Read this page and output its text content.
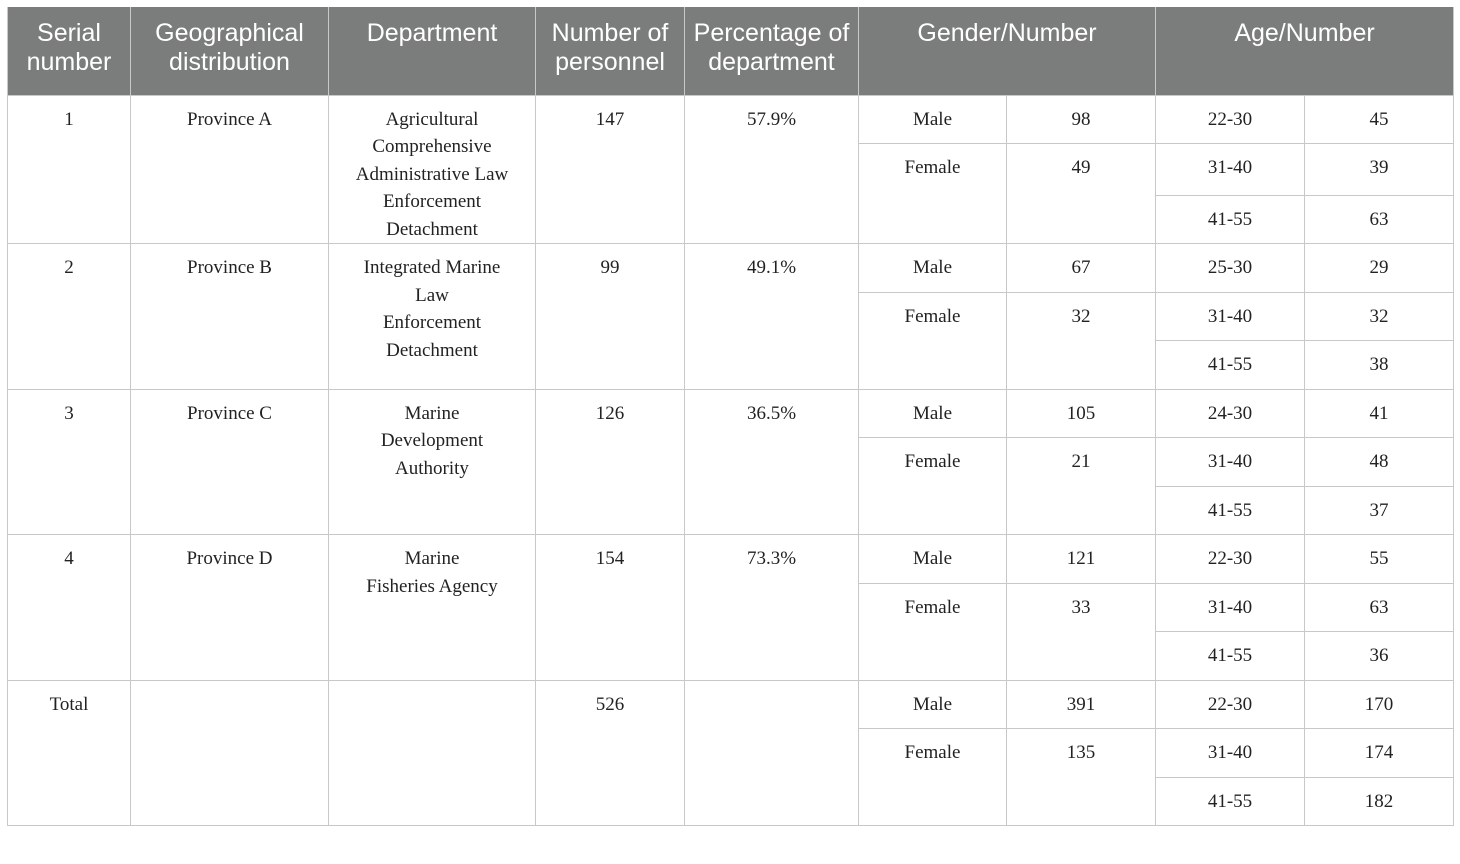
Serial number	Geographical distribution	Department	Number of personnel	Percentage of department	Gender/Number		Age/Number	
1	Province A	Agricultural
Comprehensive
Administrative Law
Enforcement
Detachment	147	57.9%	Male	98	22-30	45
					Female	49	31-40	39
							41-55	63
2	Province B	Integrated Marine
Law
Enforcement
Detachment	99	49.1%	Male	67	25-30	29
					Female	32	31-40	32
							41-55	38
3	Province C	Marine
Development
Authority	126	36.5%	Male	105	24-30	41
					Female	21	31-40	48
							41-55	37
4	Province D	Marine
Fisheries Agency	154	73.3%	Male	121	22-30	55
					Female	33	31-40	63
							41-55	36
Total			526		Male	391	22-30	170
					Female	135	31-40	174
							41-55	182
